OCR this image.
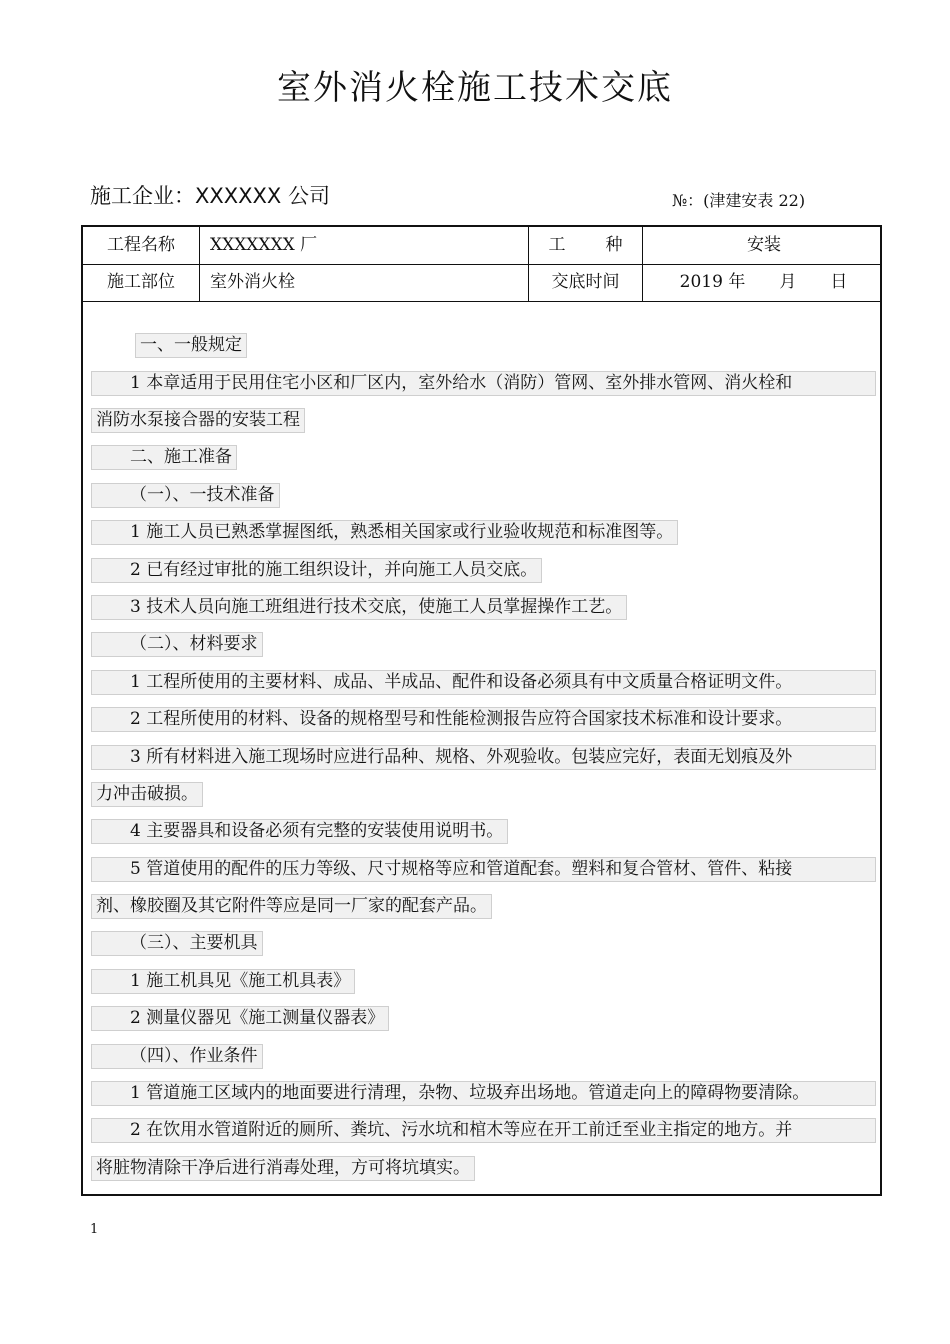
室外消火栓施工技术交底
施工企业：XXXXXX 公司	№：(津建安表 22)
工程名称	XXXXXXX 厂	工 种	安装
施工部位	室外消火栓	交底时间	2019 年　　月　　日
一、一般规定
1 本章适用于民用住宅小区和厂区内，室外给水（消防）管网、室外排水管网、消火栓和
消防水泵接合器的安装工程
二、施工准备
（一）、一技术准备
1 施工人员已熟悉掌握图纸，熟悉相关国家或行业验收规范和标准图等。
2 已有经过审批的施工组织设计，并向施工人员交底。
3 技术人员向施工班组进行技术交底，使施工人员掌握操作工艺。
（二）、材料要求
1 工程所使用的主要材料、成品、半成品、配件和设备必须具有中文质量合格证明文件。
2 工程所使用的材料、设备的规格型号和性能检测报告应符合国家技术标准和设计要求。
3 所有材料进入施工现场时应进行品种、规格、外观验收。包装应完好，表面无划痕及外
力冲击破损。
4 主要器具和设备必须有完整的安装使用说明书。
5 管道使用的配件的压力等级、尺寸规格等应和管道配套。塑料和复合管材、管件、粘接
剂、橡胶圈及其它附件等应是同一厂家的配套产品。
（三）、主要机具
1 施工机具见《施工机具表》
2 测量仪器见《施工测量仪器表》
（四）、作业条件
1 管道施工区域内的地面要进行清理，杂物、垃圾弃出场地。管道走向上的障碍物要清除。
2 在饮用水管道附近的厕所、粪坑、污水坑和棺木等应在开工前迁至业主指定的地方。并
将脏物清除干净后进行消毒处理，方可将坑填实。
1
